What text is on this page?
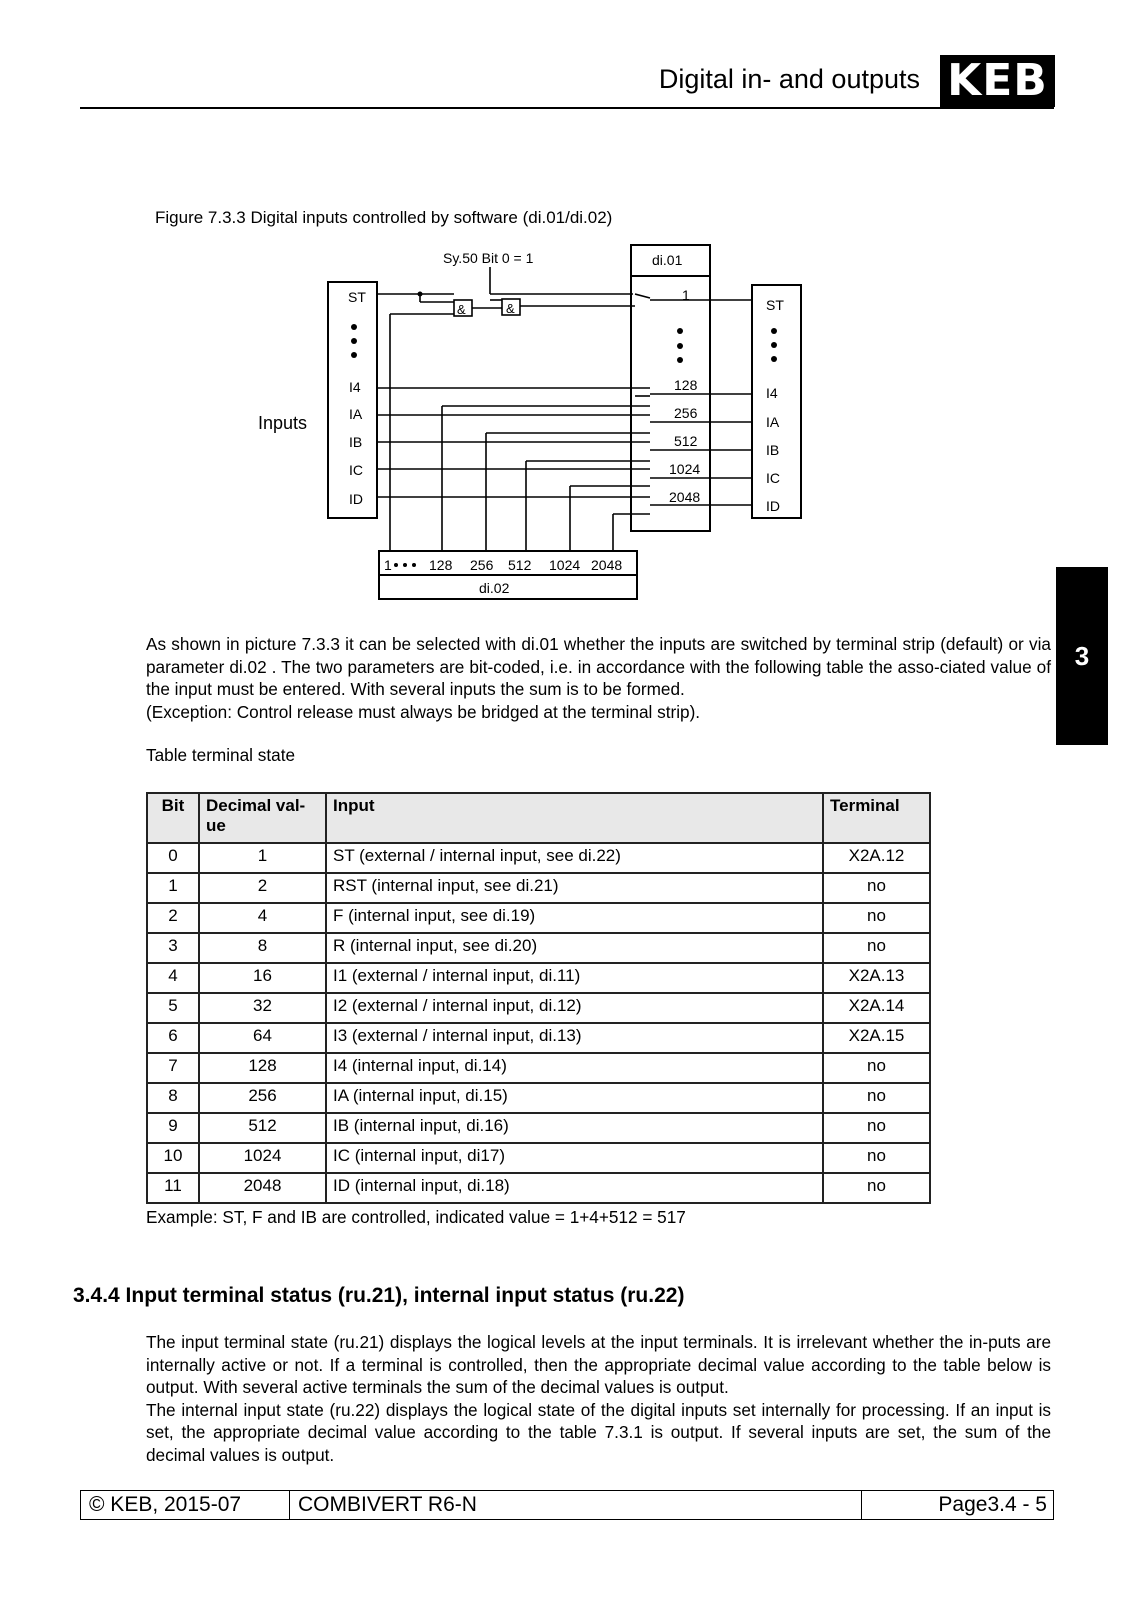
Digital in- and outputs KEB
3
Figure 7.3.3 Digital inputs controlled by software (di.01/di.02)
Sy.50 Bit 0 = 1	di.01
&	&
Inputs
ST
I4
IA
IB
IC
ID
ST
I4
IA
IB
IC
ID
1
128
256
512
1024
2048
1	128 256 512 1024 2048
di.02
As shown in picture 7.3.3 it can be selected with di.01 whether the inputs are switched by terminal strip (default) or via parameter di.02 . The two parameters are bit-coded, i.e. in accordance with the following table the asso-ciated value of the input must be entered. With several inputs the sum is to be formed.
(Exception: Control release must always be bridged at the terminal strip).
Table terminal state
Bit	Decimal val-ue	Input	Terminal
0	1	ST (external / internal input, see di.22)	X2A.12
1	2	RST (internal input, see di.21)	no
2	4	F (internal input, see di.19)	no
3	8	R (internal input, see di.20)	no
4	16	I1 (external / internal input, di.11)	X2A.13
5	32	I2 (external / internal input, di.12)	X2A.14
6	64	I3 (external / internal input, di.13)	X2A.15
7	128	I4 (internal input, di.14)	no
8	256	IA (internal input, di.15)	no
9	512	IB (internal input, di.16)	no
10	1024	IC (internal input, di17)	no
11	2048	ID (internal input, di.18)	no
Example: ST, F and IB are controlled, indicated value = 1+4+512 = 517
3.4.4 Input terminal status (ru.21), internal input status (ru.22)
The input terminal state (ru.21) displays the logical levels at the input terminals. It is irrelevant whether the in-puts are internally active or not. If a terminal is controlled, then the appropriate decimal value according to the table below is output. With several active terminals the sum of the decimal values is output.
The internal input state (ru.22) displays the logical state of the digital inputs set internally for processing. If an input is set, the appropriate decimal value according to the table 7.3.1 is output. If several inputs are set, the sum of the decimal values is output.
© KEB, 2015-07	COMBIVERT R6-N	Page3.4 - 5
